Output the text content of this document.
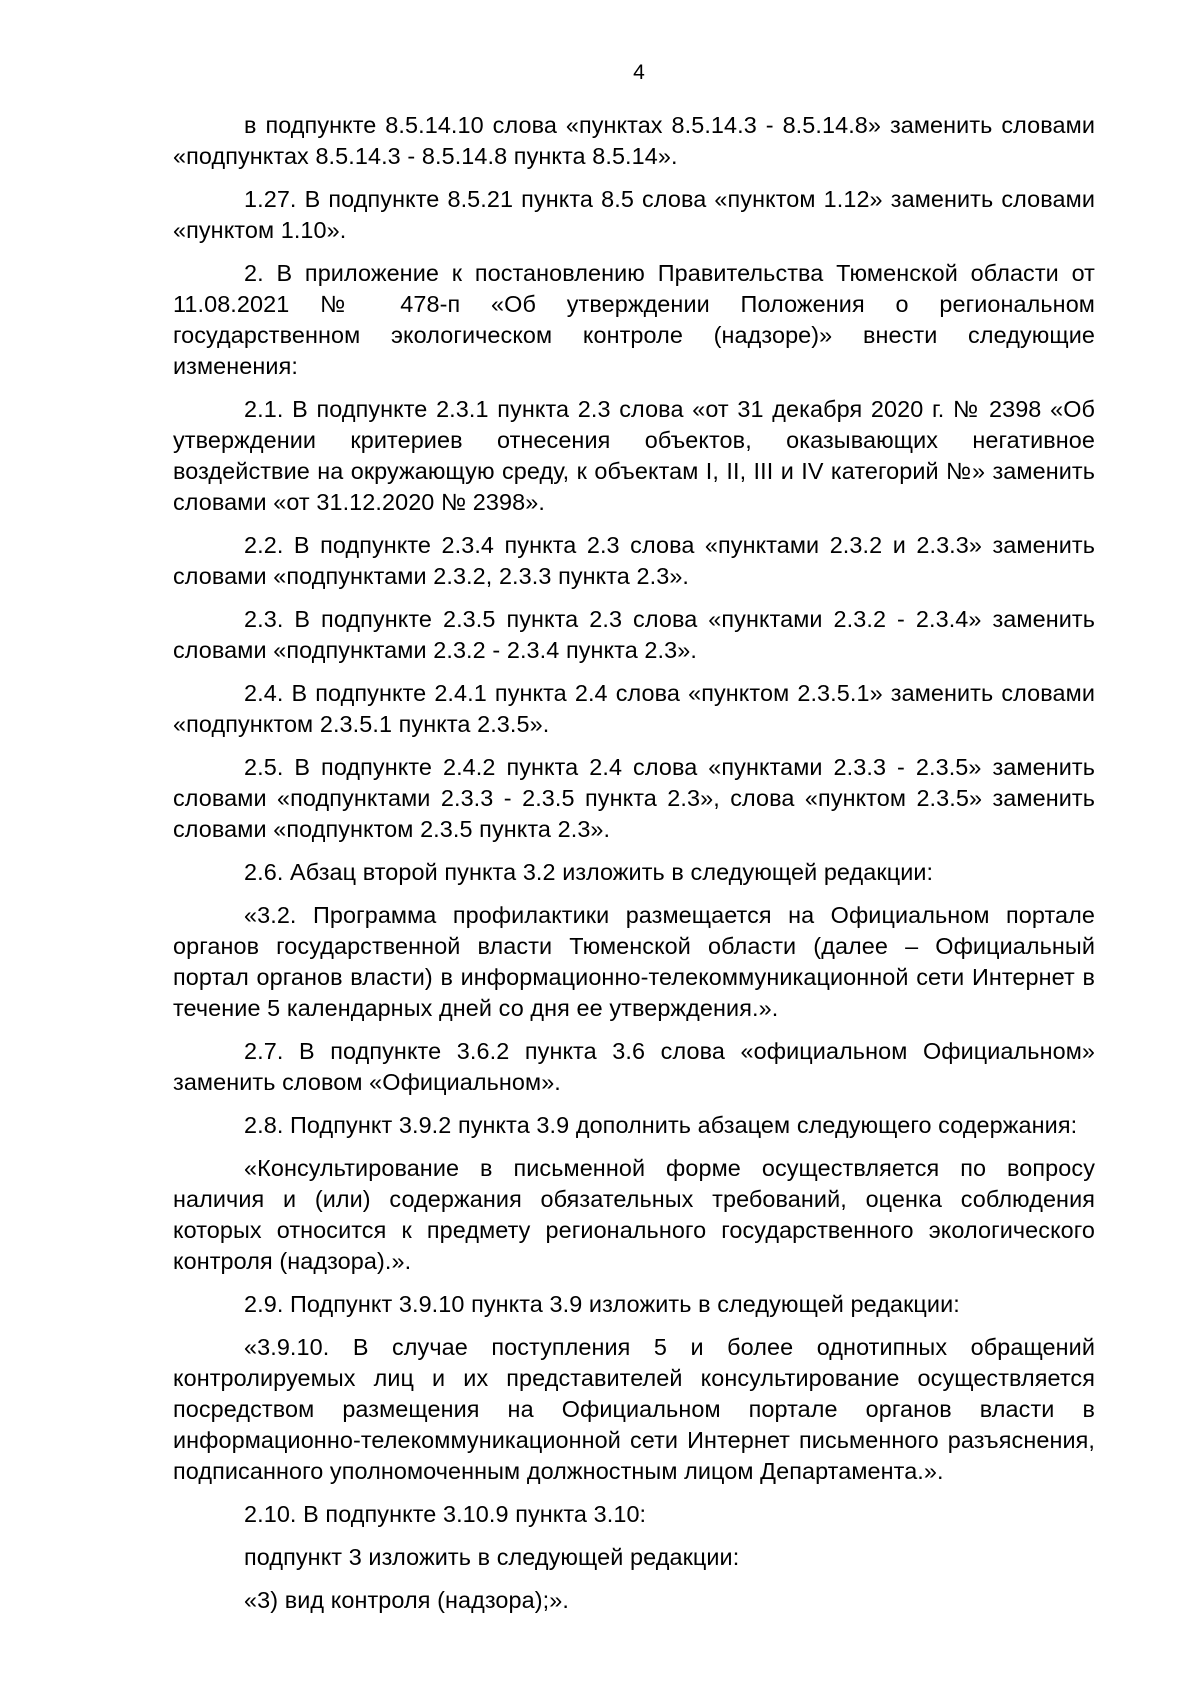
4

в подпункте 8.5.14.10 слова «пунктах 8.5.14.3 - 8.5.14.8» заменить словами «подпунктах 8.5.14.3 - 8.5.14.8 пункта 8.5.14».

1.27. В подпункте 8.5.21 пункта 8.5 слова «пунктом 1.12» заменить словами «пунктом 1.10».

2. В приложение к постановлению Правительства Тюменской области от 11.08.2021 № 478-п «Об утверждении Положения о региональном государственном экологическом контроле (надзоре)» внести следующие изменения:

2.1. В подпункте 2.3.1 пункта 2.3 слова «от 31 декабря 2020 г. № 2398 «Об утверждении критериев отнесения объектов, оказывающих негативное воздействие на окружающую среду, к объектам I, II, III и IV категорий №» заменить словами «от 31.12.2020 № 2398».

2.2. В подпункте 2.3.4 пункта 2.3 слова «пунктами 2.3.2 и 2.3.3» заменить словами «подпунктами 2.3.2, 2.3.3 пункта 2.3».

2.3. В подпункте 2.3.5 пункта 2.3 слова «пунктами 2.3.2 - 2.3.4» заменить словами «подпунктами 2.3.2 - 2.3.4 пункта 2.3».

2.4. В подпункте 2.4.1 пункта 2.4 слова «пунктом 2.3.5.1» заменить словами «подпунктом 2.3.5.1 пункта 2.3.5».

2.5. В подпункте 2.4.2 пункта 2.4 слова «пунктами 2.3.3 - 2.3.5» заменить словами «подпунктами 2.3.3 - 2.3.5 пункта 2.3», слова «пунктом 2.3.5» заменить словами «подпунктом 2.3.5 пункта 2.3».

2.6. Абзац второй пункта 3.2 изложить в следующей редакции:

«3.2. Программа профилактики размещается на Официальном портале органов государственной власти Тюменской области (далее – Официальный портал органов власти) в информационно-телекоммуникационной сети Интернет в течение 5 календарных дней со дня ее утверждения.».

2.7. В подпункте 3.6.2 пункта 3.6 слова «официальном Официальном» заменить словом «Официальном».

2.8. Подпункт 3.9.2 пункта 3.9 дополнить абзацем следующего содержания:

«Консультирование в письменной форме осуществляется по вопросу наличия и (или) содержания обязательных требований, оценка соблюдения которых относится к предмету регионального государственного экологического контроля (надзора).».

2.9. Подпункт 3.9.10 пункта 3.9 изложить в следующей редакции:

«3.9.10. В случае поступления 5 и более однотипных обращений контролируемых лиц и их представителей консультирование осуществляется посредством размещения на Официальном портале органов власти в информационно-телекоммуникационной сети Интернет письменного разъяснения, подписанного уполномоченным должностным лицом Департамента.».

2.10. В подпункте 3.10.9 пункта 3.10:

подпункт 3 изложить в следующей редакции:

«3) вид контроля (надзора);».
